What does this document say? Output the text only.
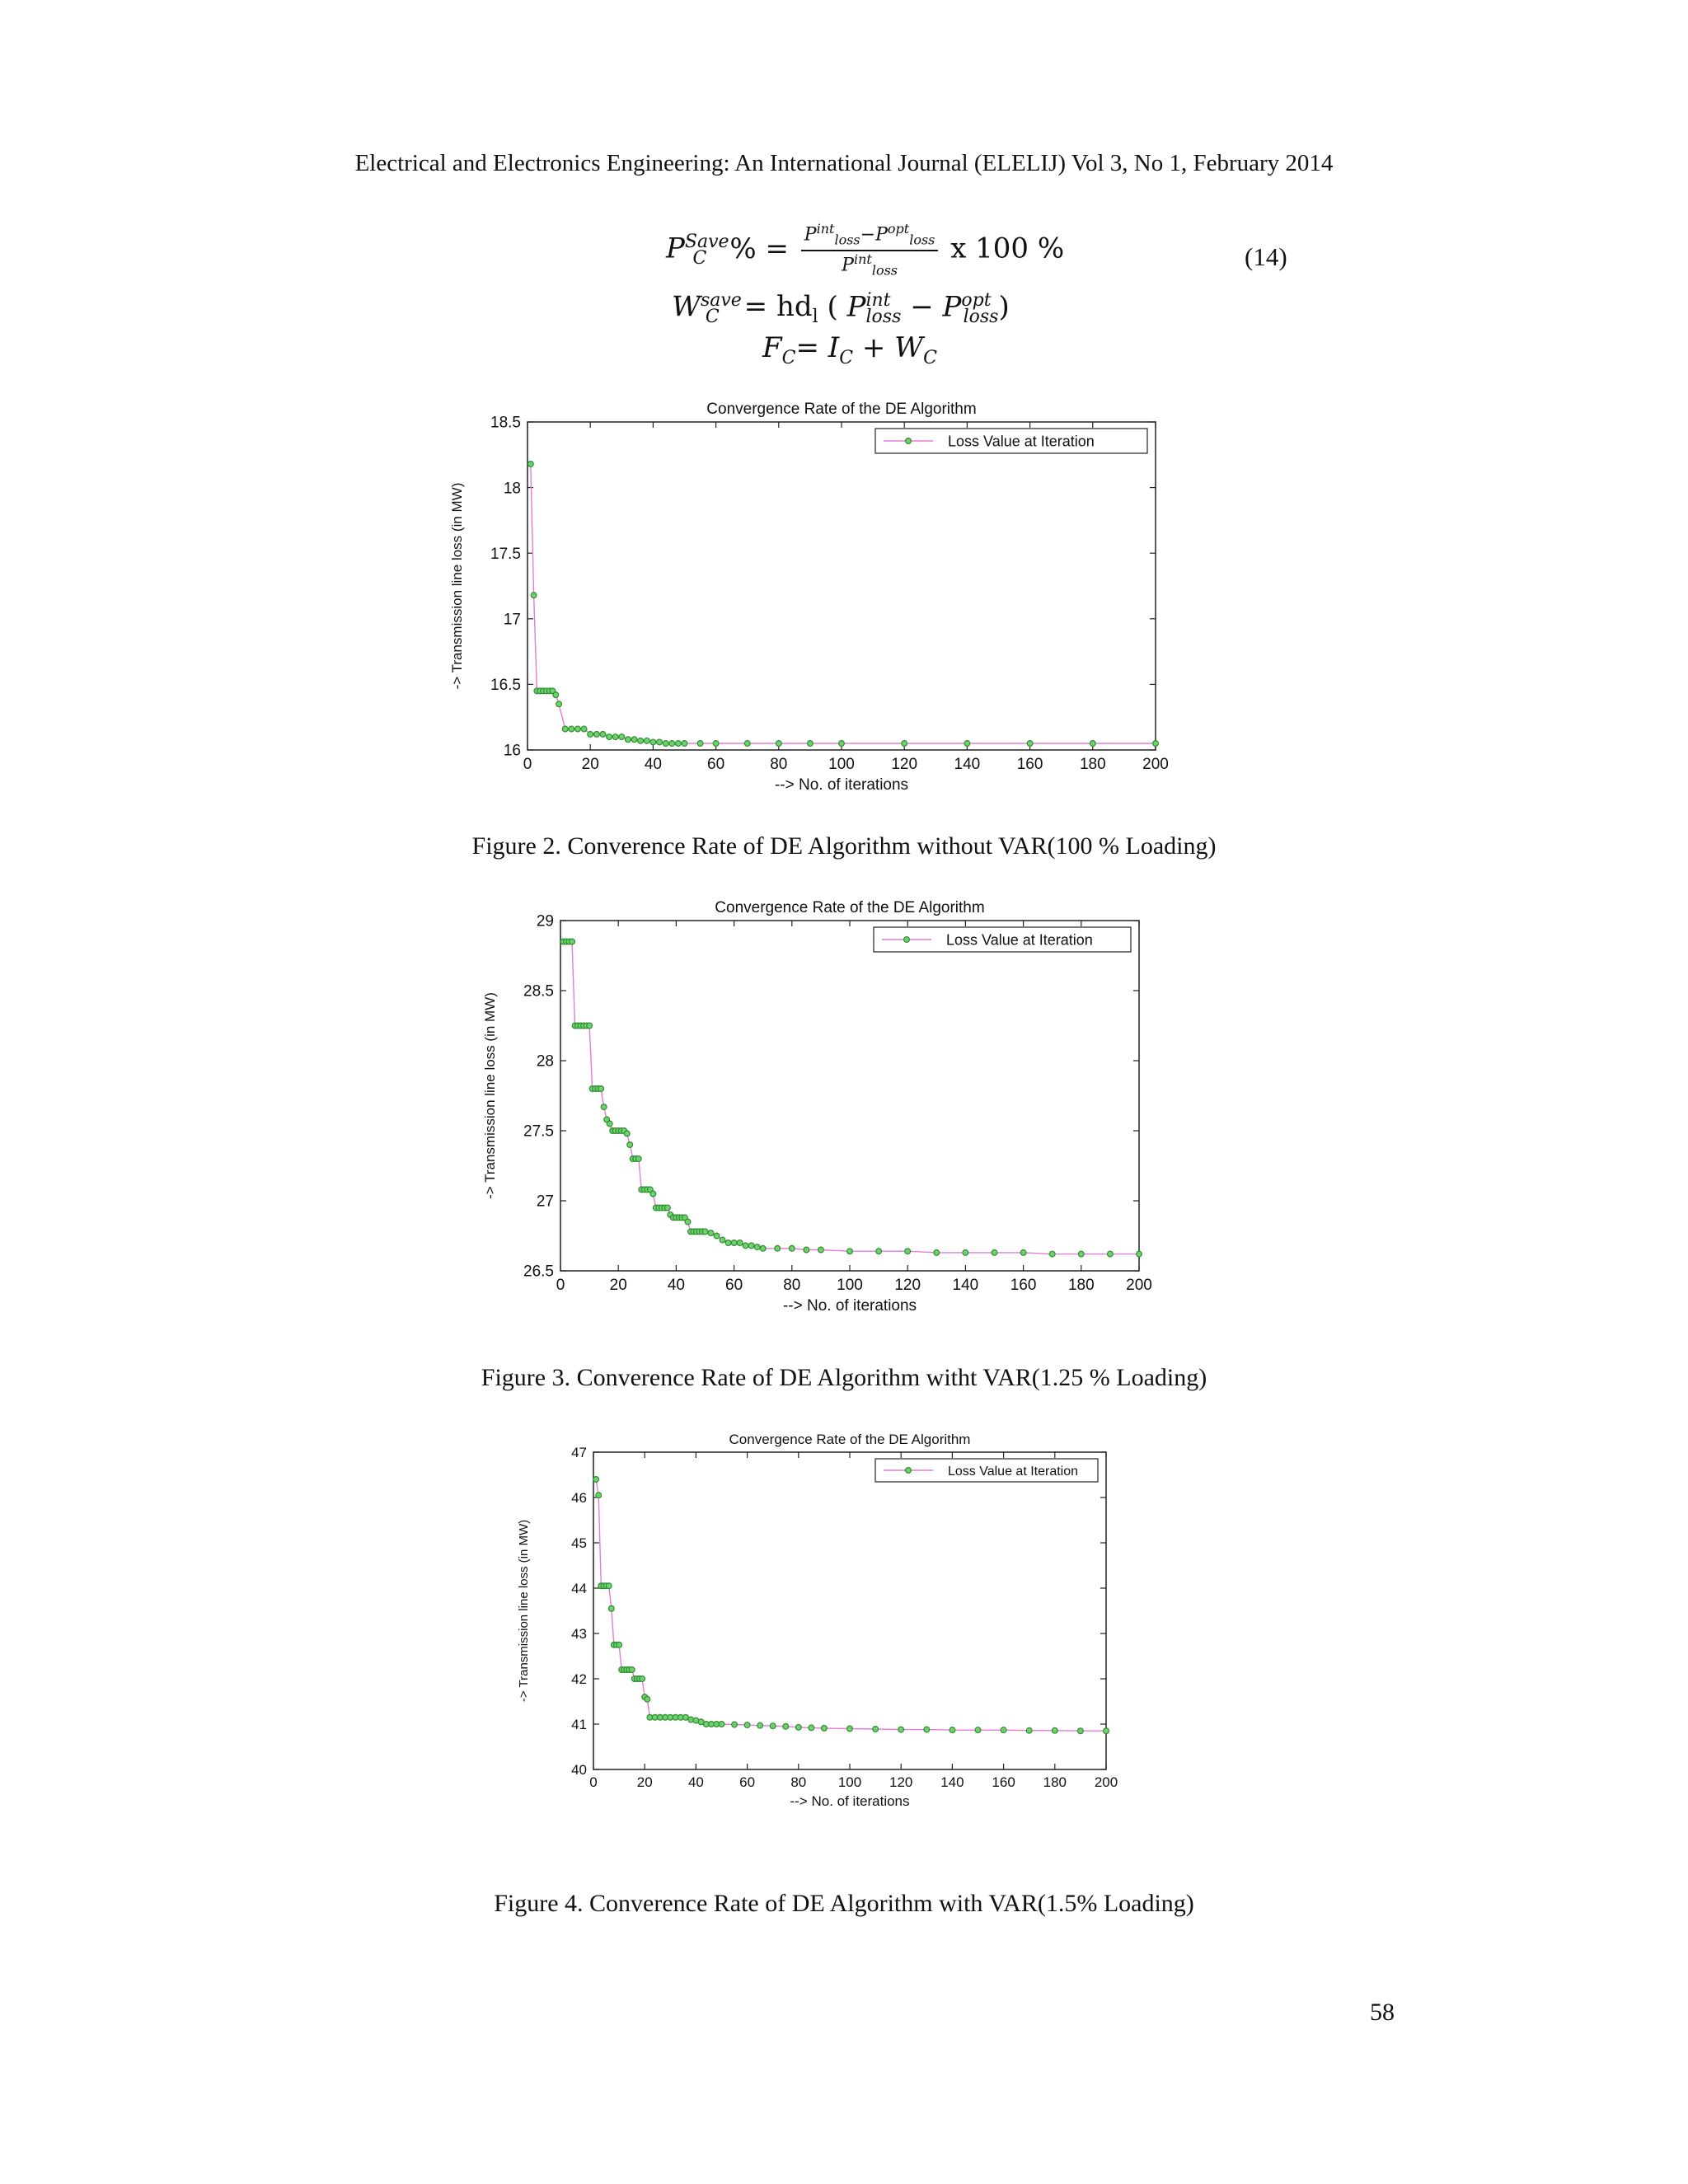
Electrical and Electronics Engineering: An International Journal (ELELIJ) Vol 3, No 1, February 2014
$P^{Save}_C$ % = $\frac{P^{int}_{loss}-P^{opt}_{loss}}{P^{int}_{loss}}$ x 100 %
$W^{save}_C = hd_l$ ( $P^{int}_{loss} - P^{opt}_{loss}$)
$F_C= I_C + W_C$
(14)
Convergence Rate of the DE Algorithm
0	20	40	60	80	100 120 140 160 180 200
16
16.5
17
17.5
18
18.5
--> No. of iterations
-> Transmission line loss (in MW)
Loss Value at Iteration
Figure 2. Converence Rate of DE Algorithm without VAR(100 % Loading)
Convergence Rate of the DE Algorithm
0	20	40	60	80 100 120 140 160 180 200
26.5
27
27.5
28
28.5
29
--> No. of iterations
-> Transmission line loss (in MW)
Loss Value at Iteration
Figure 3. Converence Rate of DE Algorithm witht VAR(1.25 % Loading)
Convergence Rate of the DE Algorithm
0	20	40	60	80 100 120 140 160 180 200
40
41
42
43
44
45
46
47
--> No. of iterations
-> Transmission line loss (in MW)
Loss Value at Iteration
Figure 4. Converence Rate of DE Algorithm with VAR(1.5% Loading)
58
